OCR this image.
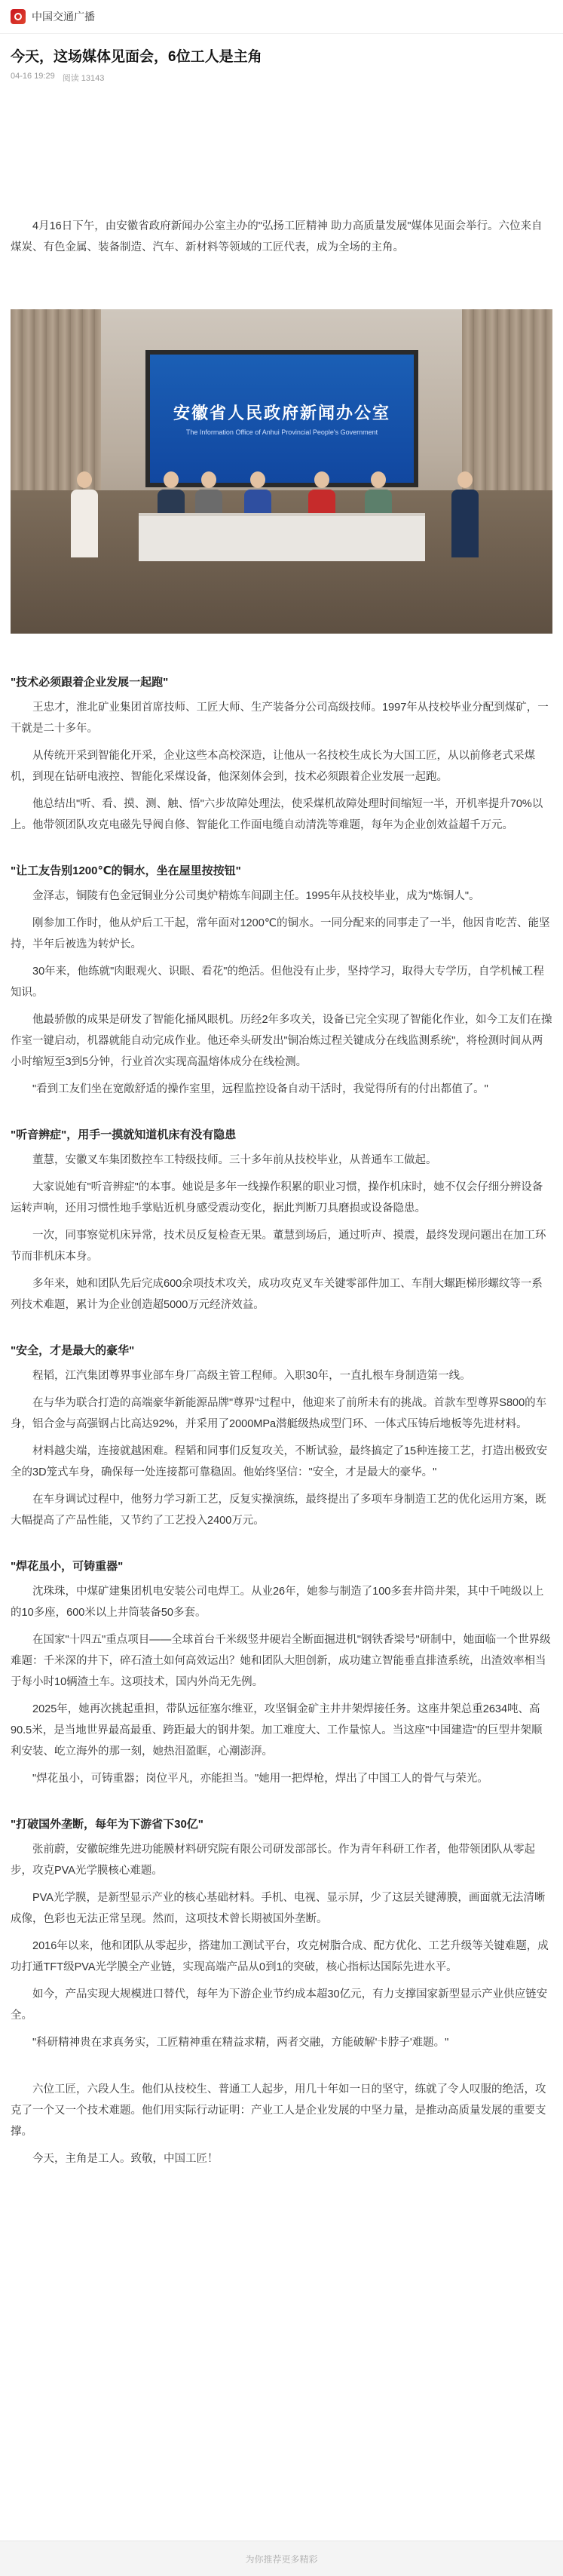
中国交通广播
今天，这场媒体见面会，6位工人是主角
04-16 19:29 阅读 13143

4月16日下午，由安徽省政府新闻办公室主办的"弘扬工匠精神 助力高质量发展"媒体见面会举行。六位来自煤炭、有色金属、装备制造、汽车、新材料等领域的工匠代表，成为全场的主角。

安徽省人民政府新闻办公室
The Information Office of Anhui Provincial People's Government
"技术必须跟着企业发展一起跑"

王忠才，淮北矿业集团首席技师、工匠大师、生产装备分公司高级技师。1997年从技校毕业分配到煤矿，一干就是二十多年。

从传统开采到智能化开采，企业这些本高校深造，让他从一名技校生成长为大国工匠，从以前修老式采煤机，到现在钻研电液控、智能化采煤设备，他深刻体会到，技术必须跟着企业发展一起跑。

他总结出"听、看、摸、测、触、悟"六步故障处理法，使采煤机故障处理时间缩短一半，开机率提升70%以上。他带领团队攻克电磁先导阀自修、智能化工作面电缆自动清洗等难题，每年为企业创效益超千万元。

"让工友告别1200℃的铜水，坐在屋里按按钮"

金泽志，铜陵有色金冠铜业分公司奥炉精炼车间副主任。1995年从技校毕业，成为"炼铜人"。

刚参加工作时，他从炉后工干起，常年面对1200℃的铜水。一同分配来的同事走了一半，他因肯吃苦、能坚持，半年后被选为转炉长。

30年来，他练就"肉眼观火、识眼、看花"的绝活。但他没有止步，坚持学习，取得大专学历，自学机械工程知识。

他最骄傲的成果是研发了智能化捅风眼机。历经2年多攻关，设备已完全实现了智能化作业，如今工友们在操作室一键启动，机器就能自动完成作业。他还牵头研发出"铜冶炼过程关键成分在线监测系统"，将检测时间从两小时缩短至3到5分钟，行业首次实现高温熔体成分在线检测。

"看到工友们坐在宽敞舒适的操作室里，远程监控设备自动干活时，我觉得所有的付出都值了。"

"听音辨症"，用手一摸就知道机床有没有隐患

董慧，安徽叉车集团数控车工特级技师。三十多年前从技校毕业，从普通车工做起。

大家说她有"听音辨症"的本事。她说是多年一线操作积累的职业习惯，操作机床时，她不仅会仔细分辨设备运转声响，还用习惯性地手掌贴近机身感受震动变化，据此判断刀具磨损或设备隐患。

一次，同事察觉机床异常，技术员反复检查无果。董慧到场后，通过听声、摸震，最终发现问题出在加工环节而非机床本身。

多年来，她和团队先后完成600余项技术攻关，成功攻克叉车关键零部件加工、车削大螺距梯形螺纹等一系列技术难题，累计为企业创造超5000万元经济效益。

"安全，才是最大的豪华"

程韬，江汽集团尊界事业部车身厂高级主管工程师。入职30年，一直扎根车身制造第一线。

在与华为联合打造的高端豪华新能源品牌"尊界"过程中，他迎来了前所未有的挑战。首款车型尊界S800的车身，铝合金与高强钢占比高达92%，并采用了2000MPa潜艇级热成型门环、一体式压铸后地板等先进材料。

材料越尖端，连接就越困难。程韬和同事们反复攻关，不断试验，最终搞定了15种连接工艺，打造出极致安全的3D笼式车身，确保每一处连接都可靠稳固。他始终坚信："安全，才是最大的豪华。"

在车身调试过程中，他努力学习新工艺，反复实操演练，最终提出了多项车身制造工艺的优化运用方案，既大幅提高了产品性能，又节约了工艺投入2400万元。

"焊花虽小，可铸重器"

沈珠珠，中煤矿建集团机电安装公司电焊工。从业26年，她参与制造了100多套井筒井架，其中千吨级以上的10多座，600米以上井筒装备50多套。

在国家"十四五"重点项目——全球首台千米级竖井硬岩全断面掘进机"钢铁香梁号"研制中，她面临一个世界级难题：千米深的井下，碎石渣土如何高效运出？她和团队大胆创新，成功建立智能垂直排渣系统，出渣效率相当于每小时10辆渣土车。这项技术，国内外尚无先例。

2025年，她再次挑起重担，带队远征塞尔维亚，攻坚铜金矿主井井架焊接任务。这座井架总重2634吨、高90.5米，是当地世界最高最重、跨距最大的钢井架。加工难度大、工作量惊人。当这座"中国建造"的巨型井架顺利安装、屹立海外的那一刻，她热泪盈眶，心潮澎湃。

"焊花虽小，可铸重器；岗位平凡，亦能担当。"她用一把焊枪，焊出了中国工人的骨气与荣光。

"打破国外垄断，每年为下游省下30亿"

张前蔚，安徽皖维先进功能膜材料研究院有限公司研发部部长。作为青年科研工作者，他带领团队从零起步，攻克PVA光学膜核心难题。

PVA光学膜，是新型显示产业的核心基础材料。手机、电视、显示屏，少了这层关键薄膜，画面就无法清晰成像，色彩也无法正常呈现。然而，这项技术曾长期被国外垄断。

2016年以来，他和团队从零起步，搭建加工测试平台，攻克树脂合成、配方优化、工艺升级等关键难题，成功打通TFT级PVA光学膜全产业链，实现高端产品从0到1的突破，核心指标达国际先进水平。

如今，产品实现大规模进口替代，每年为下游企业节约成本超30亿元，有力支撑国家新型显示产业供应链安全。

"科研精神贵在求真务实，工匠精神重在精益求精，两者交融，方能破解'卡脖子'难题。"

六位工匠，六段人生。他们从技校生、普通工人起步，用几十年如一日的坚守，练就了令人叹服的绝活，攻克了一个又一个技术难题。他们用实际行动证明：产业工人是企业发展的中坚力量，是推动高质量发展的重要支撑。

今天，主角是工人。致敬，中国工匠！

为你推荐更多精彩
